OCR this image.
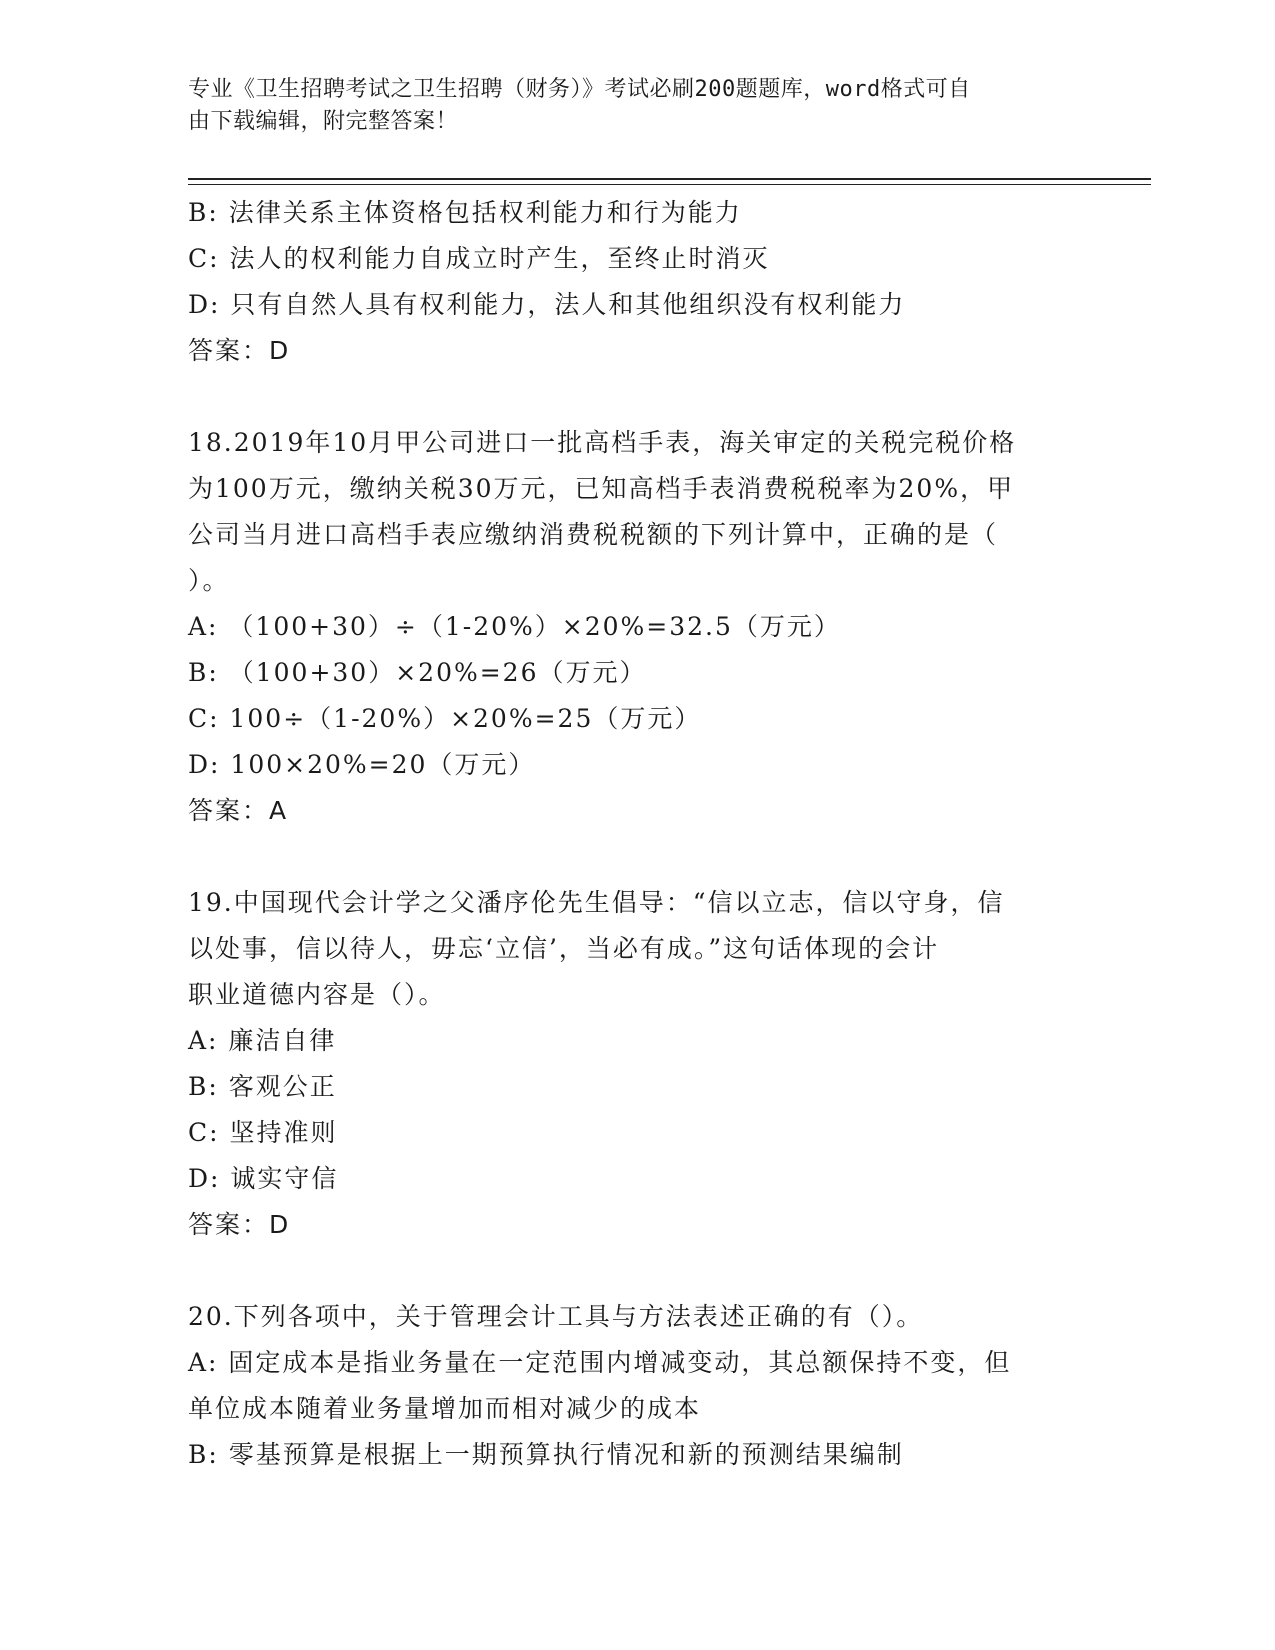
专业《卫生招聘考试之卫生招聘（财务）》考试必刷200题题库，word格式可自
由下载编辑，附完整答案！
B: 法律关系主体资格包括权利能力和行为能力
C: 法人的权利能力自成立时产生，至终止时消灭
D: 只有自然人具有权利能力，法人和其他组织没有权利能力
答案：D
18.2019年10月甲公司进口一批高档手表，海关审定的关税完税价格
为100万元，缴纳关税30万元，已知高档手表消费税税率为20%，甲
公司当月进口高档手表应缴纳消费税税额的下列计算中，正确的是（
）。
A: （100+30）÷（1-20%）×20%=32.5（万元）
B: （100+30）×20%=26（万元）
C: 100÷（1-20%）×20%=25（万元）
D: 100×20%=20（万元）
答案：A
19.中国现代会计学之父潘序伦先生倡导：“信以立志，信以守身，信
以处事，信以待人，毋忘‘立信’，当必有成。”这句话体现的会计
职业道德内容是（）。
A: 廉洁自律
B: 客观公正
C: 坚持准则
D: 诚实守信
答案：D
20.下列各项中，关于管理会计工具与方法表述正确的有（）。
A: 固定成本是指业务量在一定范围内增减变动，其总额保持不变，但
单位成本随着业务量增加而相对减少的成本
B: 零基预算是根据上一期预算执行情况和新的预测结果编制
